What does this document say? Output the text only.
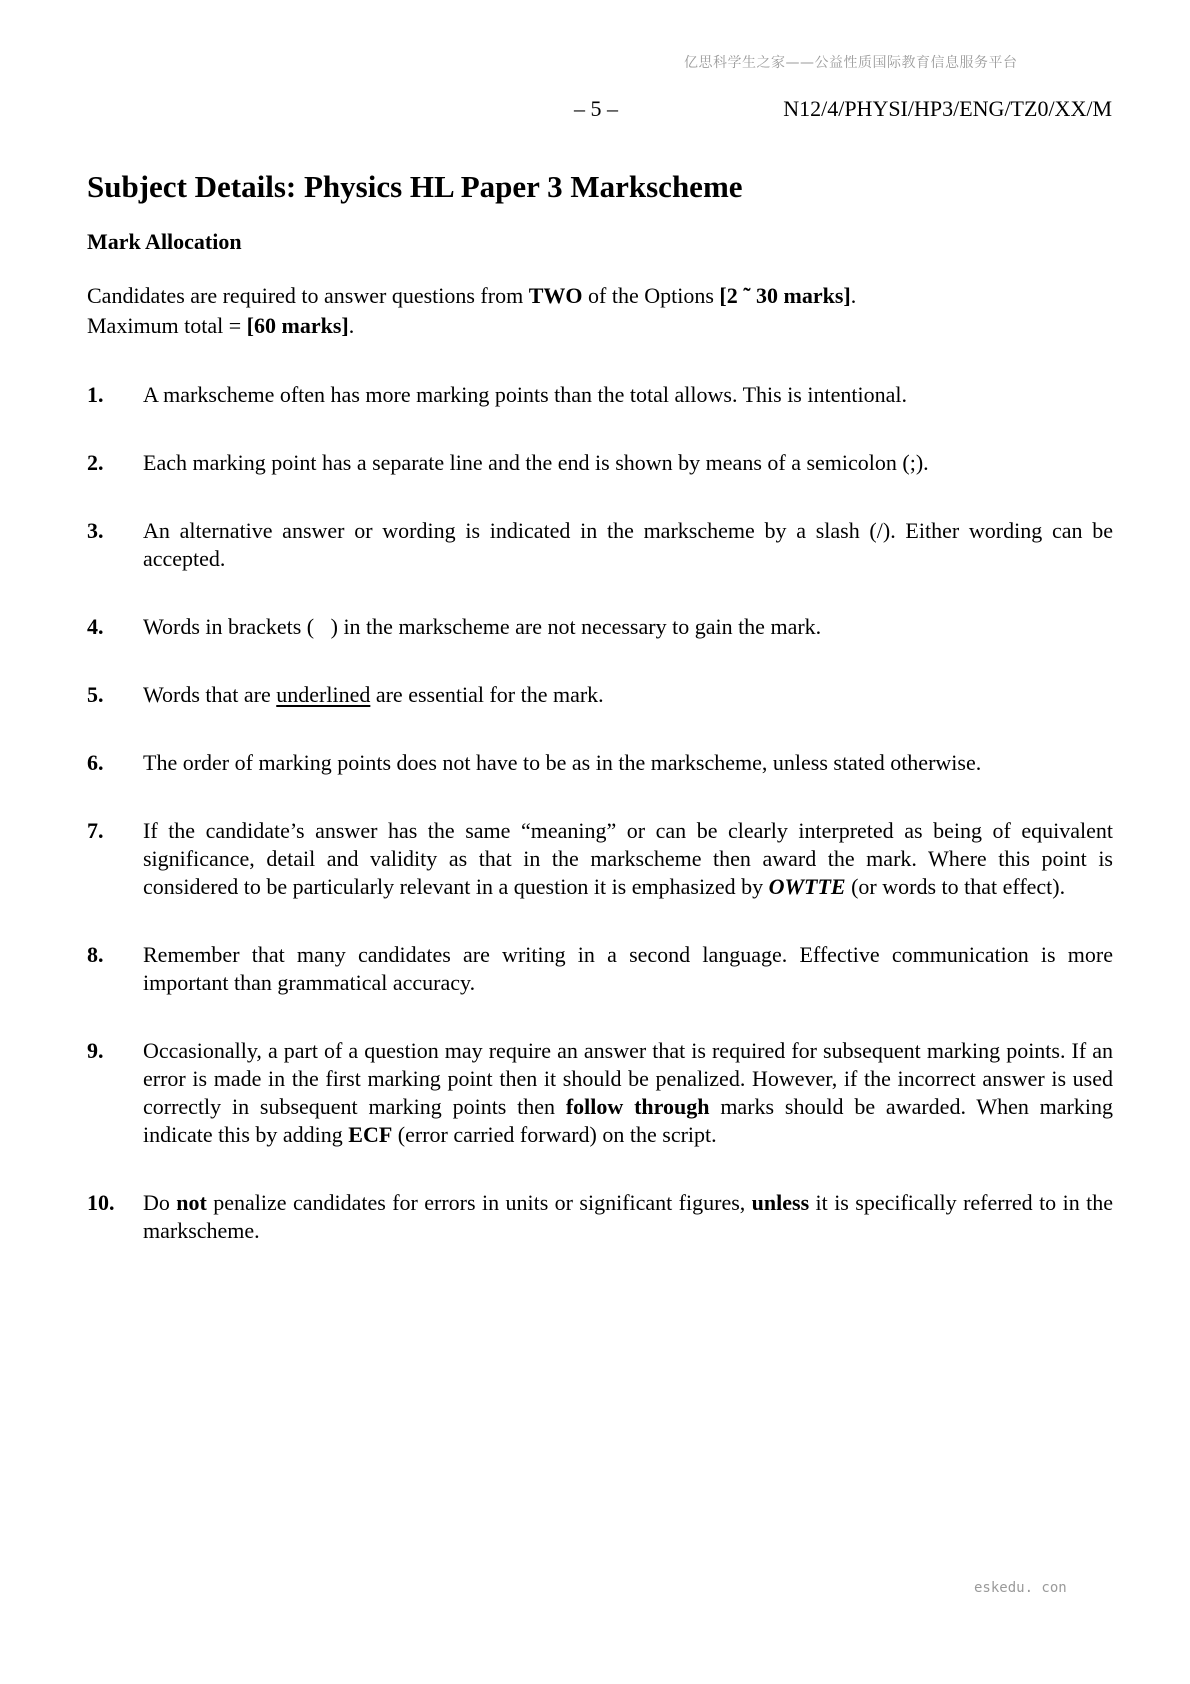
亿思科学生之家——公益性质国际教育信息服务平台
– 5 –	N12/4/PHYSI/HP3/ENG/TZ0/XX/M
Subject Details: Physics HL Paper 3 Markscheme

Mark Allocation

Candidates are required to answer questions from TWO of the Options [2 ˜ 30 marks].
Maximum total = [60 marks].

1.	A markscheme often has more marking points than the total allows. This is intentional.
2.	Each marking point has a separate line and the end is shown by means of a semicolon (;).
3.	An alternative answer or wording is indicated in the markscheme by a slash (/). Either wording can be accepted.
4.	Words in brackets (   ) in the markscheme are not necessary to gain the mark.
5.	Words that are underlined are essential for the mark.
6.	The order of marking points does not have to be as in the markscheme, unless stated otherwise.
7.	If the candidate’s answer has the same “meaning” or can be clearly interpreted as being of equivalent significance, detail and validity as that in the markscheme then award the mark. Where this point is considered to be particularly relevant in a question it is emphasized by OWTTE (or words to that effect).
8.	Remember that many candidates are writing in a second language. Effective communication is more important than grammatical accuracy.
9.	Occasionally, a part of a question may require an answer that is required for subsequent marking points. If an error is made in the first marking point then it should be penalized. However, if the incorrect answer is used correctly in subsequent marking points then follow through marks should be awarded. When marking indicate this by adding ECF (error carried forward) on the script.
10.	Do not penalize candidates for errors in units or significant figures, unless it is specifically referred to in the markscheme.
eskedu. con
